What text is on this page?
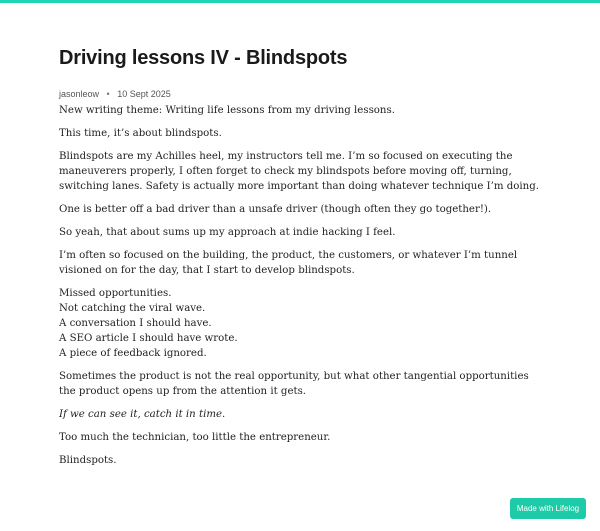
Driving lessons IV - Blindspots
jasonleow • 10 Sept 2025

New writing theme: Writing life lessons from my driving lessons.

This time, it’s about blindspots.

Blindspots are my Achilles heel, my instructors tell me. I’m so focused on executing the maneuverers properly, I often forget to check my blindspots before moving off, turning, switching lanes. Safety is actually more important than doing whatever technique I’m doing.

One is better off a bad driver than a unsafe driver (though often they go together!).

So yeah, that about sums up my approach at indie hacking I feel.

I’m often so focused on the building, the product, the customers, or whatever I’m tunnel visioned on for the day, that I start to develop blindspots.

Missed opportunities.

Not catching the viral wave.

A conversation I should have.

A SEO article I should have wrote.

A piece of feedback ignored.

Sometimes the product is not the real opportunity, but what other tangential opportunities the product opens up from the attention it gets.

If we can see it, catch it in time.

Too much the technician, too little the entrepreneur.

Blindspots.

Made with Lifelog
